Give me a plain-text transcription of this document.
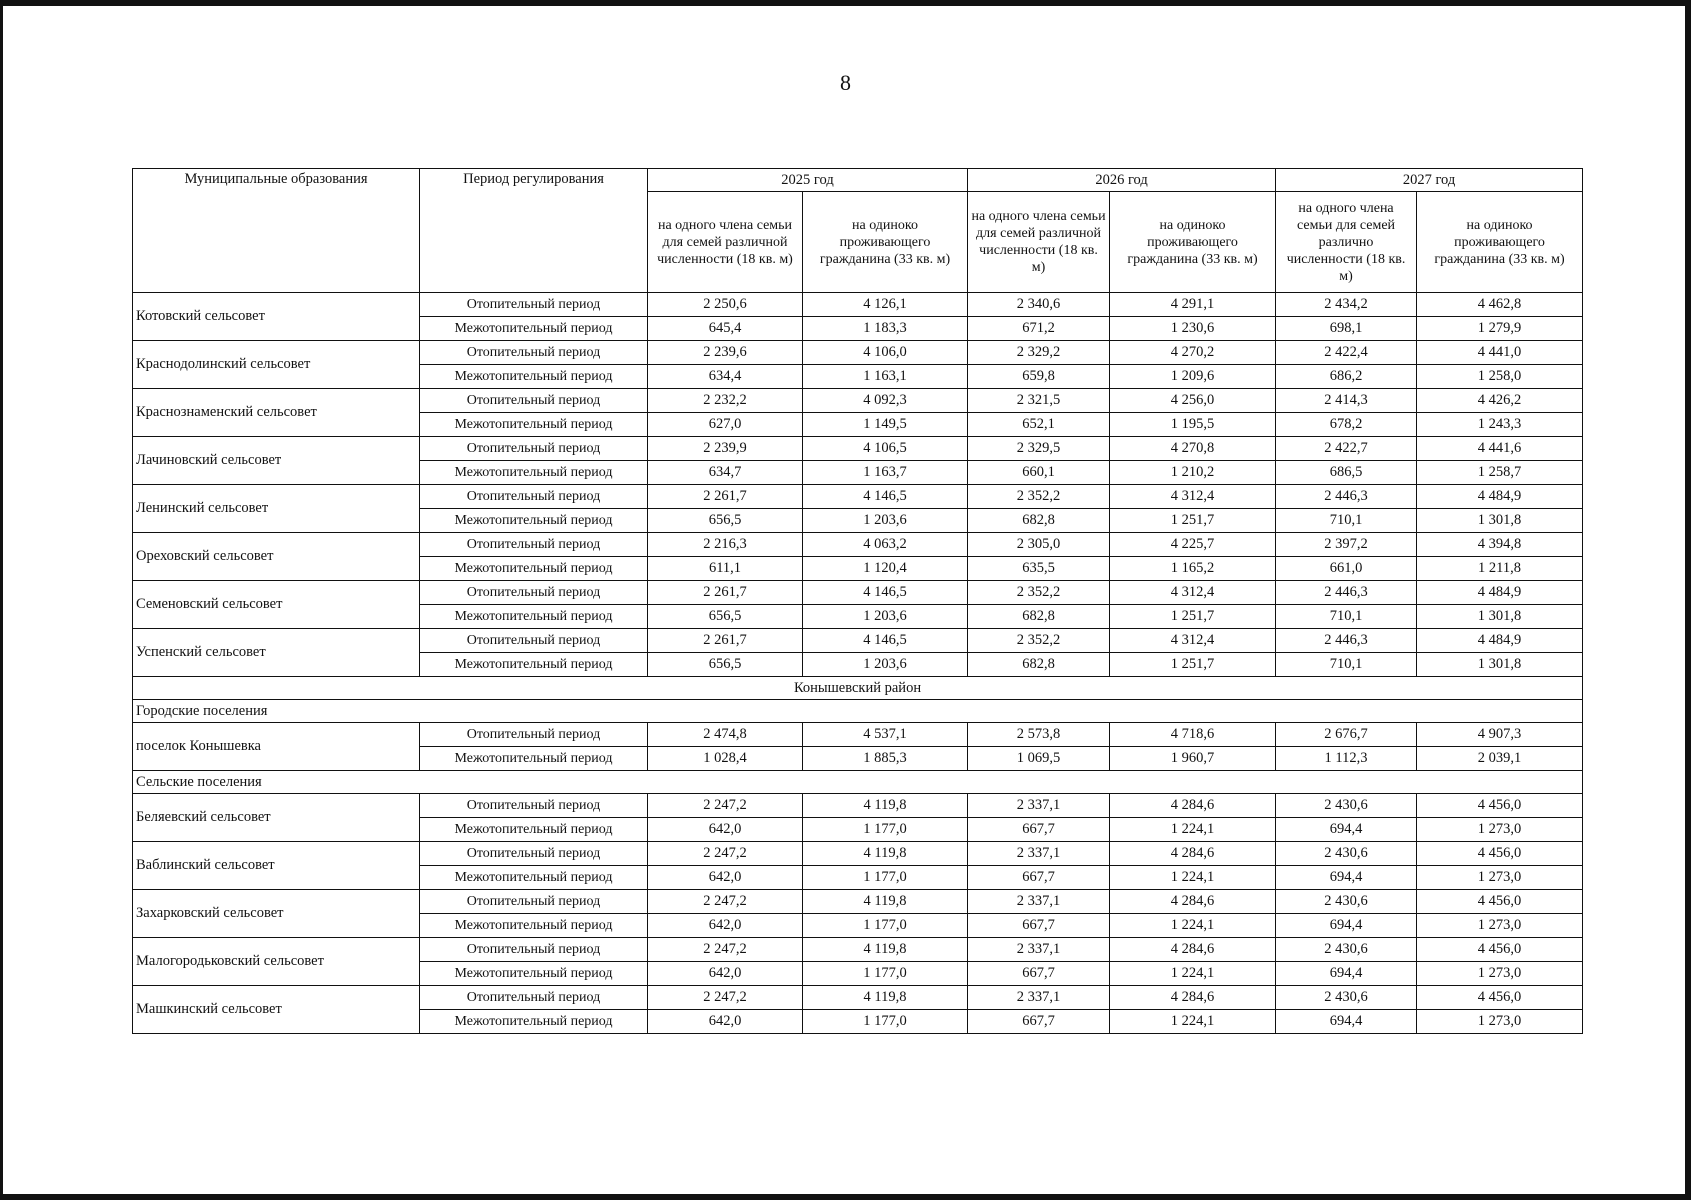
8
Муниципальные образования	Период регулирования	2025 год		2026 год		2027 год	
		на одного члена семьи для семей различной численности (18 кв. м)	на одиноко проживающего гражданина (33 кв. м)	на одного члена семьи для семей различной численности (18 кв. м)	на одиноко проживающего гражданина (33 кв. м)	на одного члена семьи для семей различно численности (18 кв. м)	на одиноко проживающего гражданина (33 кв. м)
Котовский сельсовет	Отопительный период	2 250,6	4 126,1	2 340,6	4 291,1	2 434,2	4 462,8
	Межотопительный период	645,4	1 183,3	671,2	1 230,6	698,1	1 279,9
Краснодолинский сельсовет	Отопительный период	2 239,6	4 106,0	2 329,2	4 270,2	2 422,4	4 441,0
	Межотопительный период	634,4	1 163,1	659,8	1 209,6	686,2	1 258,0
Краснознаменский сельсовет	Отопительный период	2 232,2	4 092,3	2 321,5	4 256,0	2 414,3	4 426,2
	Межотопительный период	627,0	1 149,5	652,1	1 195,5	678,2	1 243,3
Лачиновский сельсовет	Отопительный период	2 239,9	4 106,5	2 329,5	4 270,8	2 422,7	4 441,6
	Межотопительный период	634,7	1 163,7	660,1	1 210,2	686,5	1 258,7
Ленинский сельсовет	Отопительный период	2 261,7	4 146,5	2 352,2	4 312,4	2 446,3	4 484,9
	Межотопительный период	656,5	1 203,6	682,8	1 251,7	710,1	1 301,8
Ореховский сельсовет	Отопительный период	2 216,3	4 063,2	2 305,0	4 225,7	2 397,2	4 394,8
	Межотопительный период	611,1	1 120,4	635,5	1 165,2	661,0	1 211,8
Семеновский сельсовет	Отопительный период	2 261,7	4 146,5	2 352,2	4 312,4	2 446,3	4 484,9
	Межотопительный период	656,5	1 203,6	682,8	1 251,7	710,1	1 301,8
Успенский сельсовет	Отопительный период	2 261,7	4 146,5	2 352,2	4 312,4	2 446,3	4 484,9
	Межотопительный период	656,5	1 203,6	682,8	1 251,7	710,1	1 301,8
Конышевский район							
Городские поселения							
поселок Конышевка	Отопительный период	2 474,8	4 537,1	2 573,8	4 718,6	2 676,7	4 907,3
	Межотопительный период	1 028,4	1 885,3	1 069,5	1 960,7	1 112,3	2 039,1
Сельские поселения							
Беляевский сельсовет	Отопительный период	2 247,2	4 119,8	2 337,1	4 284,6	2 430,6	4 456,0
	Межотопительный период	642,0	1 177,0	667,7	1 224,1	694,4	1 273,0
Ваблинский сельсовет	Отопительный период	2 247,2	4 119,8	2 337,1	4 284,6	2 430,6	4 456,0
	Межотопительный период	642,0	1 177,0	667,7	1 224,1	694,4	1 273,0
Захарковский сельсовет	Отопительный период	2 247,2	4 119,8	2 337,1	4 284,6	2 430,6	4 456,0
	Межотопительный период	642,0	1 177,0	667,7	1 224,1	694,4	1 273,0
Малогородьковский сельсовет	Отопительный период	2 247,2	4 119,8	2 337,1	4 284,6	2 430,6	4 456,0
	Межотопительный период	642,0	1 177,0	667,7	1 224,1	694,4	1 273,0
Машкинский сельсовет	Отопительный период	2 247,2	4 119,8	2 337,1	4 284,6	2 430,6	4 456,0
	Межотопительный период	642,0	1 177,0	667,7	1 224,1	694,4	1 273,0
